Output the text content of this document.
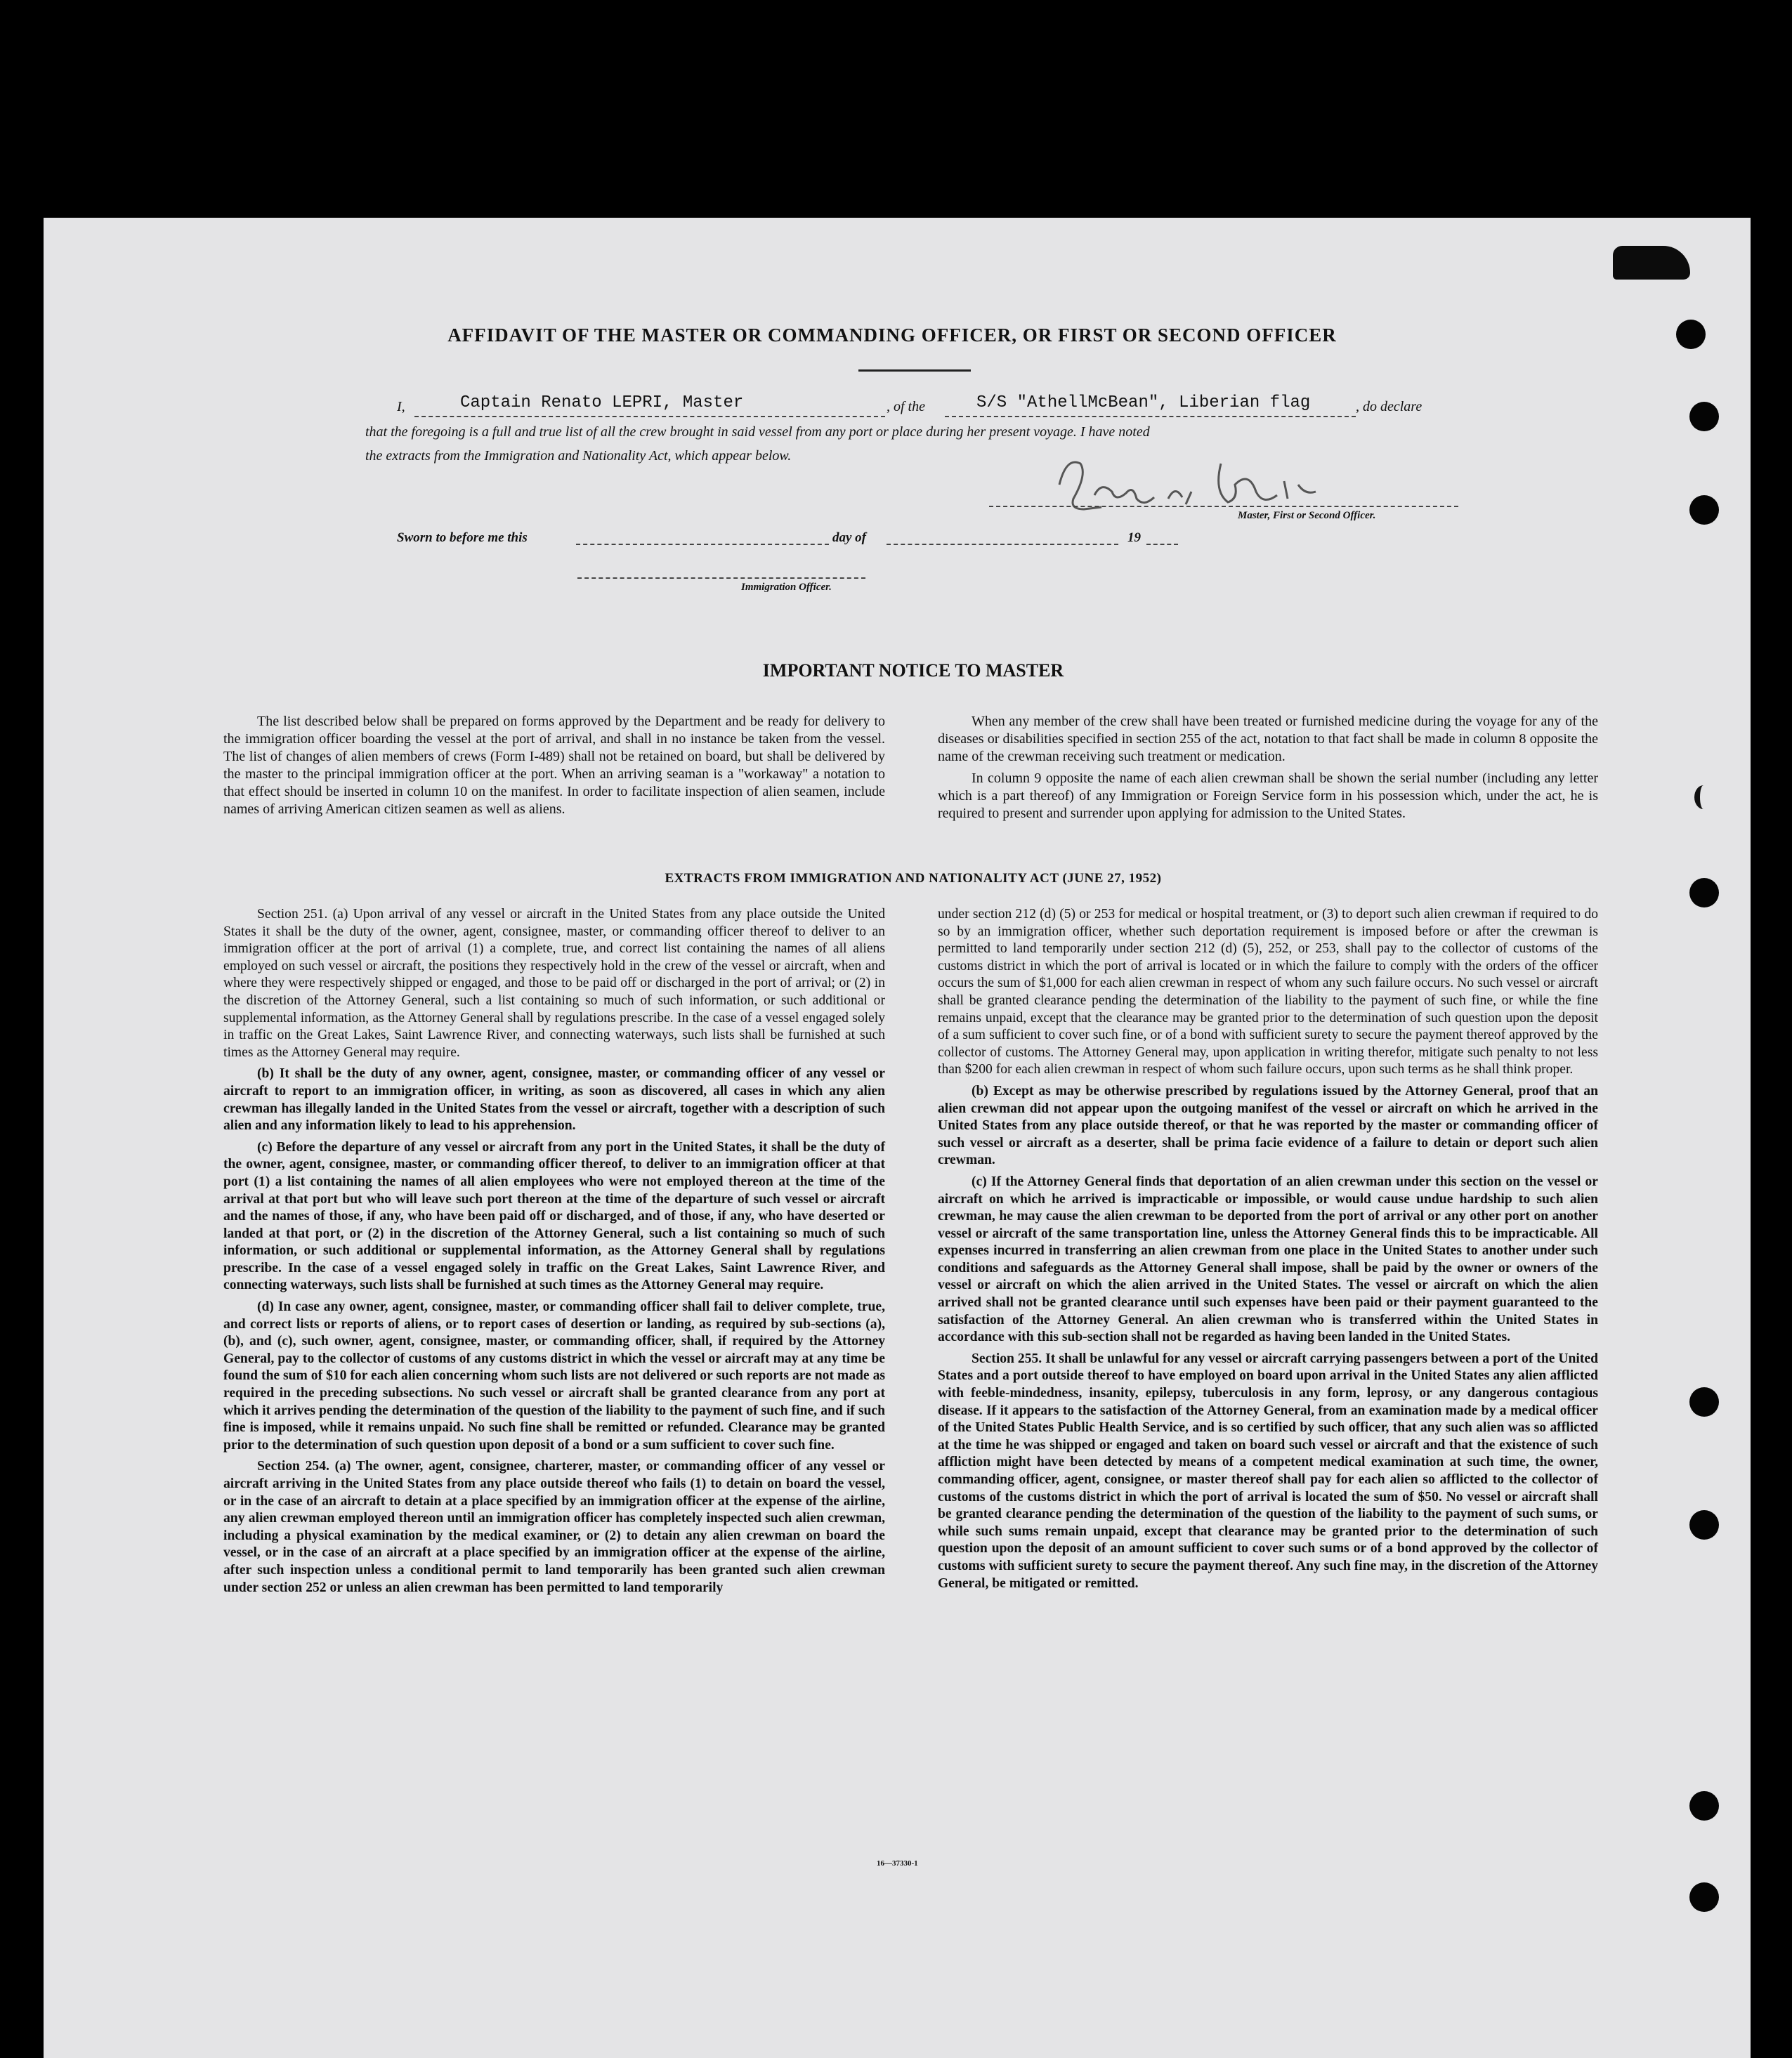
AFFIDAVIT OF THE MASTER OR COMMANDING OFFICER, OR FIRST OR SECOND OFFICER
I,	Captain Renato LEPRI, Master	, of the	S/S "AthellMcBean", Liberian flag	, do declare
that the foregoing is a full and true list of all the crew brought in said vessel from any port or place during her present voyage. I have noted
the extracts from the Immigration and Nationality Act, which appear below.
Master, First or Second Officer.
Sworn to before me this	day of	19
Immigration Officer.
IMPORTANT NOTICE TO MASTER

The list described below shall be prepared on forms approved by the Department and be ready for delivery to the immigration officer boarding the vessel at the port of arrival, and shall in no instance be taken from the vessel. The list of changes of alien members of crews (Form I-489) shall not be retained on board, but shall be delivered by the master to the principal immigration officer at the port. When an arriving seaman is a "workaway" a notation to that effect should be inserted in column 10 on the manifest. In order to facilitate inspection of alien seamen, include names of arriving American citizen seamen as well as aliens.

When any member of the crew shall have been treated or furnished medicine during the voyage for any of the diseases or disabilities specified in section 255 of the act, notation to that fact shall be made in column 8 opposite the name of the crewman receiving such treatment or medication.

In column 9 opposite the name of each alien crewman shall be shown the serial number (including any letter which is a part thereof) of any Immigration or Foreign Service form in his possession which, under the act, he is required to present and surrender upon applying for admission to the United States.

EXTRACTS FROM IMMIGRATION AND NATIONALITY ACT (JUNE 27, 1952)

Section 251. (a) Upon arrival of any vessel or aircraft in the United States from any place outside the United States it shall be the duty of the owner, agent, consignee, master, or commanding officer thereof to deliver to an immigration officer at the port of arrival (1) a complete, true, and correct list containing the names of all aliens employed on such vessel or aircraft, the positions they respectively hold in the crew of the vessel or aircraft, when and where they were respectively shipped or engaged, and those to be paid off or discharged in the port of arrival; or (2) in the discretion of the Attorney General, such a list containing so much of such information, or such additional or supplemental information, as the Attorney General shall by regulations prescribe. In the case of a vessel engaged solely in traffic on the Great Lakes, Saint Lawrence River, and connecting waterways, such lists shall be furnished at such times as the Attorney General may require.

(b) It shall be the duty of any owner, agent, consignee, master, or commanding officer of any vessel or aircraft to report to an immigration officer, in writing, as soon as discovered, all cases in which any alien crewman has illegally landed in the United States from the vessel or aircraft, together with a description of such alien and any information likely to lead to his apprehension.

(c) Before the departure of any vessel or aircraft from any port in the United States, it shall be the duty of the owner, agent, consignee, master, or commanding officer thereof, to deliver to an immigration officer at that port (1) a list containing the names of all alien employees who were not employed thereon at the time of the arrival at that port but who will leave such port thereon at the time of the departure of such vessel or aircraft and the names of those, if any, who have been paid off or discharged, and of those, if any, who have deserted or landed at that port, or (2) in the discretion of the Attorney General, such a list containing so much of such information, or such additional or supplemental information, as the Attorney General shall by regulations prescribe. In the case of a vessel engaged solely in traffic on the Great Lakes, Saint Lawrence River, and connecting waterways, such lists shall be furnished at such times as the Attorney General may require.

(d) In case any owner, agent, consignee, master, or commanding officer shall fail to deliver complete, true, and correct lists or reports of aliens, or to report cases of desertion or landing, as required by sub-sections (a), (b), and (c), such owner, agent, consignee, master, or commanding officer, shall, if required by the Attorney General, pay to the collector of customs of any customs district in which the vessel or aircraft may at any time be found the sum of $10 for each alien concerning whom such lists are not delivered or such reports are not made as required in the preceding subsections. No such vessel or aircraft shall be granted clearance from any port at which it arrives pending the determination of the question of the liability to the payment of such fine, and if such fine is imposed, while it remains unpaid. No such fine shall be remitted or refunded. Clearance may be granted prior to the determination of such question upon deposit of a bond or a sum sufficient to cover such fine.

Section 254. (a) The owner, agent, consignee, charterer, master, or commanding officer of any vessel or aircraft arriving in the United States from any place outside thereof who fails (1) to detain on board the vessel, or in the case of an aircraft to detain at a place specified by an immigration officer at the expense of the airline, any alien crewman employed thereon until an immigration officer has completely inspected such alien crewman, including a physical examination by the medical examiner, or (2) to detain any alien crewman on board the vessel, or in the case of an aircraft at a place specified by an immigration officer at the expense of the airline, after such inspection unless a conditional permit to land temporarily has been granted such alien crewman under section 252 or unless an alien crewman has been permitted to land temporarily

under section 212 (d) (5) or 253 for medical or hospital treatment, or (3) to deport such alien crewman if required to do so by an immigration officer, whether such deportation requirement is imposed before or after the crewman is permitted to land temporarily under section 212 (d) (5), 252, or 253, shall pay to the collector of customs of the customs district in which the port of arrival is located or in which the failure to comply with the orders of the officer occurs the sum of $1,000 for each alien crewman in respect of whom any such failure occurs. No such vessel or aircraft shall be granted clearance pending the determination of the liability to the payment of such fine, or while the fine remains unpaid, except that the clearance may be granted prior to the determination of such question upon the deposit of a sum sufficient to cover such fine, or of a bond with sufficient surety to secure the payment thereof approved by the collector of customs. The Attorney General may, upon application in writing therefor, mitigate such penalty to not less than $200 for each alien crewman in respect of whom such failure occurs, upon such terms as he shall think proper.

(b) Except as may be otherwise prescribed by regulations issued by the Attorney General, proof that an alien crewman did not appear upon the outgoing manifest of the vessel or aircraft on which he arrived in the United States from any place outside thereof, or that he was reported by the master or commanding officer of such vessel or aircraft as a deserter, shall be prima facie evidence of a failure to detain or deport such alien crewman.

(c) If the Attorney General finds that deportation of an alien crewman under this section on the vessel or aircraft on which he arrived is impracticable or impossible, or would cause undue hardship to such alien crewman, he may cause the alien crewman to be deported from the port of arrival or any other port on another vessel or aircraft of the same transportation line, unless the Attorney General finds this to be impracticable. All expenses incurred in transferring an alien crewman from one place in the United States to another under such conditions and safeguards as the Attorney General shall impose, shall be paid by the owner or owners of the vessel or aircraft on which the alien arrived in the United States. The vessel or aircraft on which the alien arrived shall not be granted clearance until such expenses have been paid or their payment guaranteed to the satisfaction of the Attorney General. An alien crewman who is transferred within the United States in accordance with this sub-section shall not be regarded as having been landed in the United States.

Section 255. It shall be unlawful for any vessel or aircraft carrying passengers between a port of the United States and a port outside thereof to have employed on board upon arrival in the United States any alien afflicted with feeble-mindedness, insanity, epilepsy, tuberculosis in any form, leprosy, or any dangerous contagious disease. If it appears to the satisfaction of the Attorney General, from an examination made by a medical officer of the United States Public Health Service, and is so certified by such officer, that any such alien was so afflicted at the time he was shipped or engaged and taken on board such vessel or aircraft and that the existence of such affliction might have been detected by means of a competent medical examination at such time, the owner, commanding officer, agent, consignee, or master thereof shall pay for each alien so afflicted to the collector of customs of the customs district in which the port of arrival is located the sum of $50. No vessel or aircraft shall be granted clearance pending the determination of the question of the liability to the payment of such sums, or while such sums remain unpaid, except that clearance may be granted prior to the determination of such question upon the deposit of an amount sufficient to cover such sums or of a bond approved by the collector of customs with sufficient surety to secure the payment thereof. Any such fine may, in the discretion of the Attorney General, be mitigated or remitted.

16—37330-1
